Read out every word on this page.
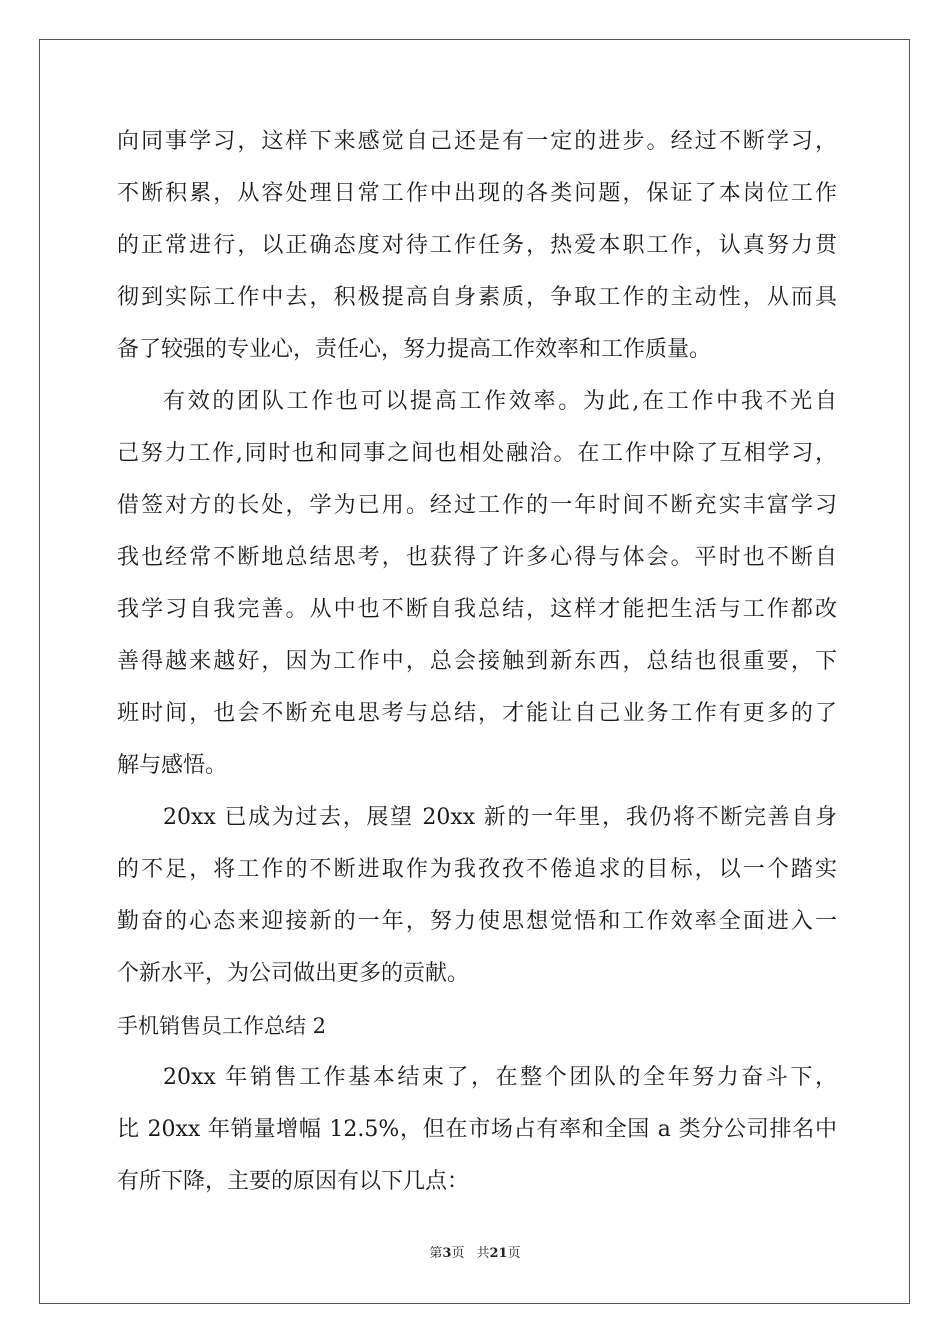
向同事学习，这样下来感觉自己还是有一定的进步。经过不断学习，
不断积累，从容处理日常工作中出现的各类问题，保证了本岗位工作
的正常进行，以正确态度对待工作任务，热爱本职工作，认真努力贯
彻到实际工作中去，积极提高自身素质，争取工作的主动性，从而具
备了较强的专业心，责任心，努力提高工作效率和工作质量。
有效的团队工作也可以提高工作效率。为此,在工作中我不光自
己努力工作,同时也和同事之间也相处融洽。在工作中除了互相学习，
借签对方的长处，学为已用。经过工作的一年时间不断充实丰富学习
我也经常不断地总结思考，也获得了许多心得与体会。平时也不断自
我学习自我完善。从中也不断自我总结，这样才能把生活与工作都改
善得越来越好，因为工作中，总会接触到新东西，总结也很重要，下
班时间，也会不断充电思考与总结，才能让自己业务工作有更多的了
解与感悟。
20xx 已成为过去，展望 20xx 新的一年里，我仍将不断完善自身
的不足，将工作的不断进取作为我孜孜不倦追求的目标，以一个踏实
勤奋的心态来迎接新的一年，努力使思想觉悟和工作效率全面进入一
个新水平，为公司做出更多的贡献。
手机销售员工作总结 2
20xx 年销售工作基本结束了，在整个团队的全年努力奋斗下，
比 20xx 年销量增幅 12.5%，但在市场占有率和全国 a 类分公司排名中
有所下降，主要的原因有以下几点：
第3页 共21页
